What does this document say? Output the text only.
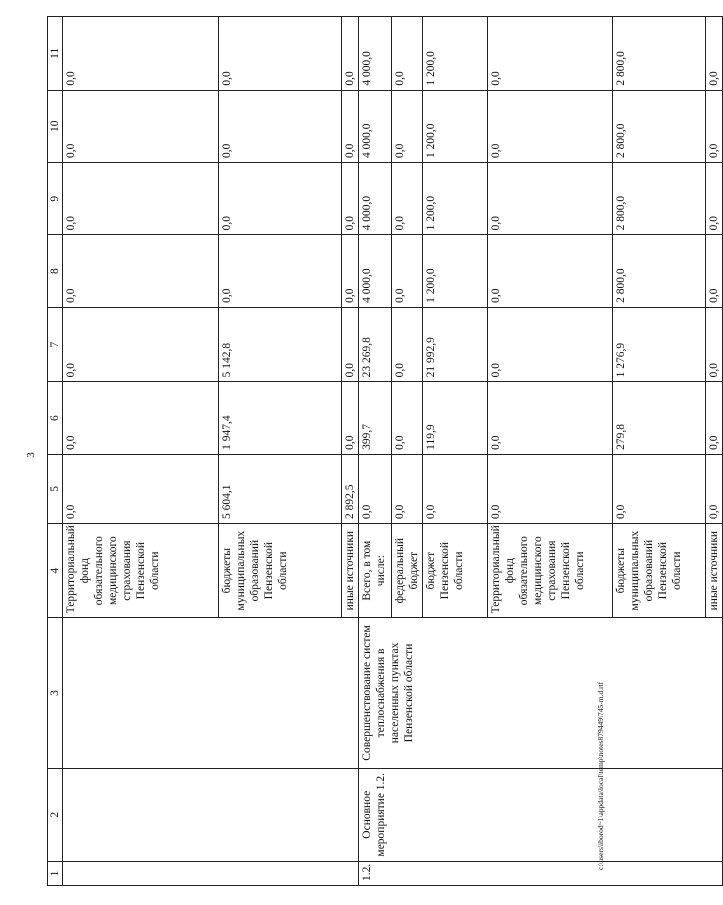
3
1	2	3	4	5	6	7	8	9	10	11
			Территориальный фонд обязательного медицинского страхования Пензенской области	0,0	0,0	0,0	0,0	0,0	0,0	0,0
			бюджеты муниципальных образований Пензенской области	5 604,1	1 947,4	5 142,8	0,0	0,0	0,0	0,0
			иные источники	2 892,5	0,0	0,0	0,0	0,0	0,0	0,0
1.2.	Основное мероприятие 1.2.	Совершенствование систем теплоснабжения в населенных пунктах Пензенской области	Всего, в том числе:	0,0	399,7	23 269,8	4 000,0	4 000,0	4 000,0	4 000,0
			федеральный бюджет	0,0	0,0	0,0	0,0	0,0	0,0	0,0
			бюджет Пензенской области	0,0	119,9	21 992,9	1 200,0	1 200,0	1 200,0	1 200,0
			Территориальный фонд обязательного медицинского страхования Пензенской области	0,0	0,0	0,0	0,0	0,0	0,0	0,0
			бюджеты муниципальных образований Пензенской области	0,0	279,8	1 276,9	2 800,0	2 800,0	2 800,0	2 800,0
			иные источники	0,0	0,0	0,0	0,0	0,0	0,0	0,0
c:\users\iborod~1\appdata\local\temp\notes879449\745-m.d.rtf
